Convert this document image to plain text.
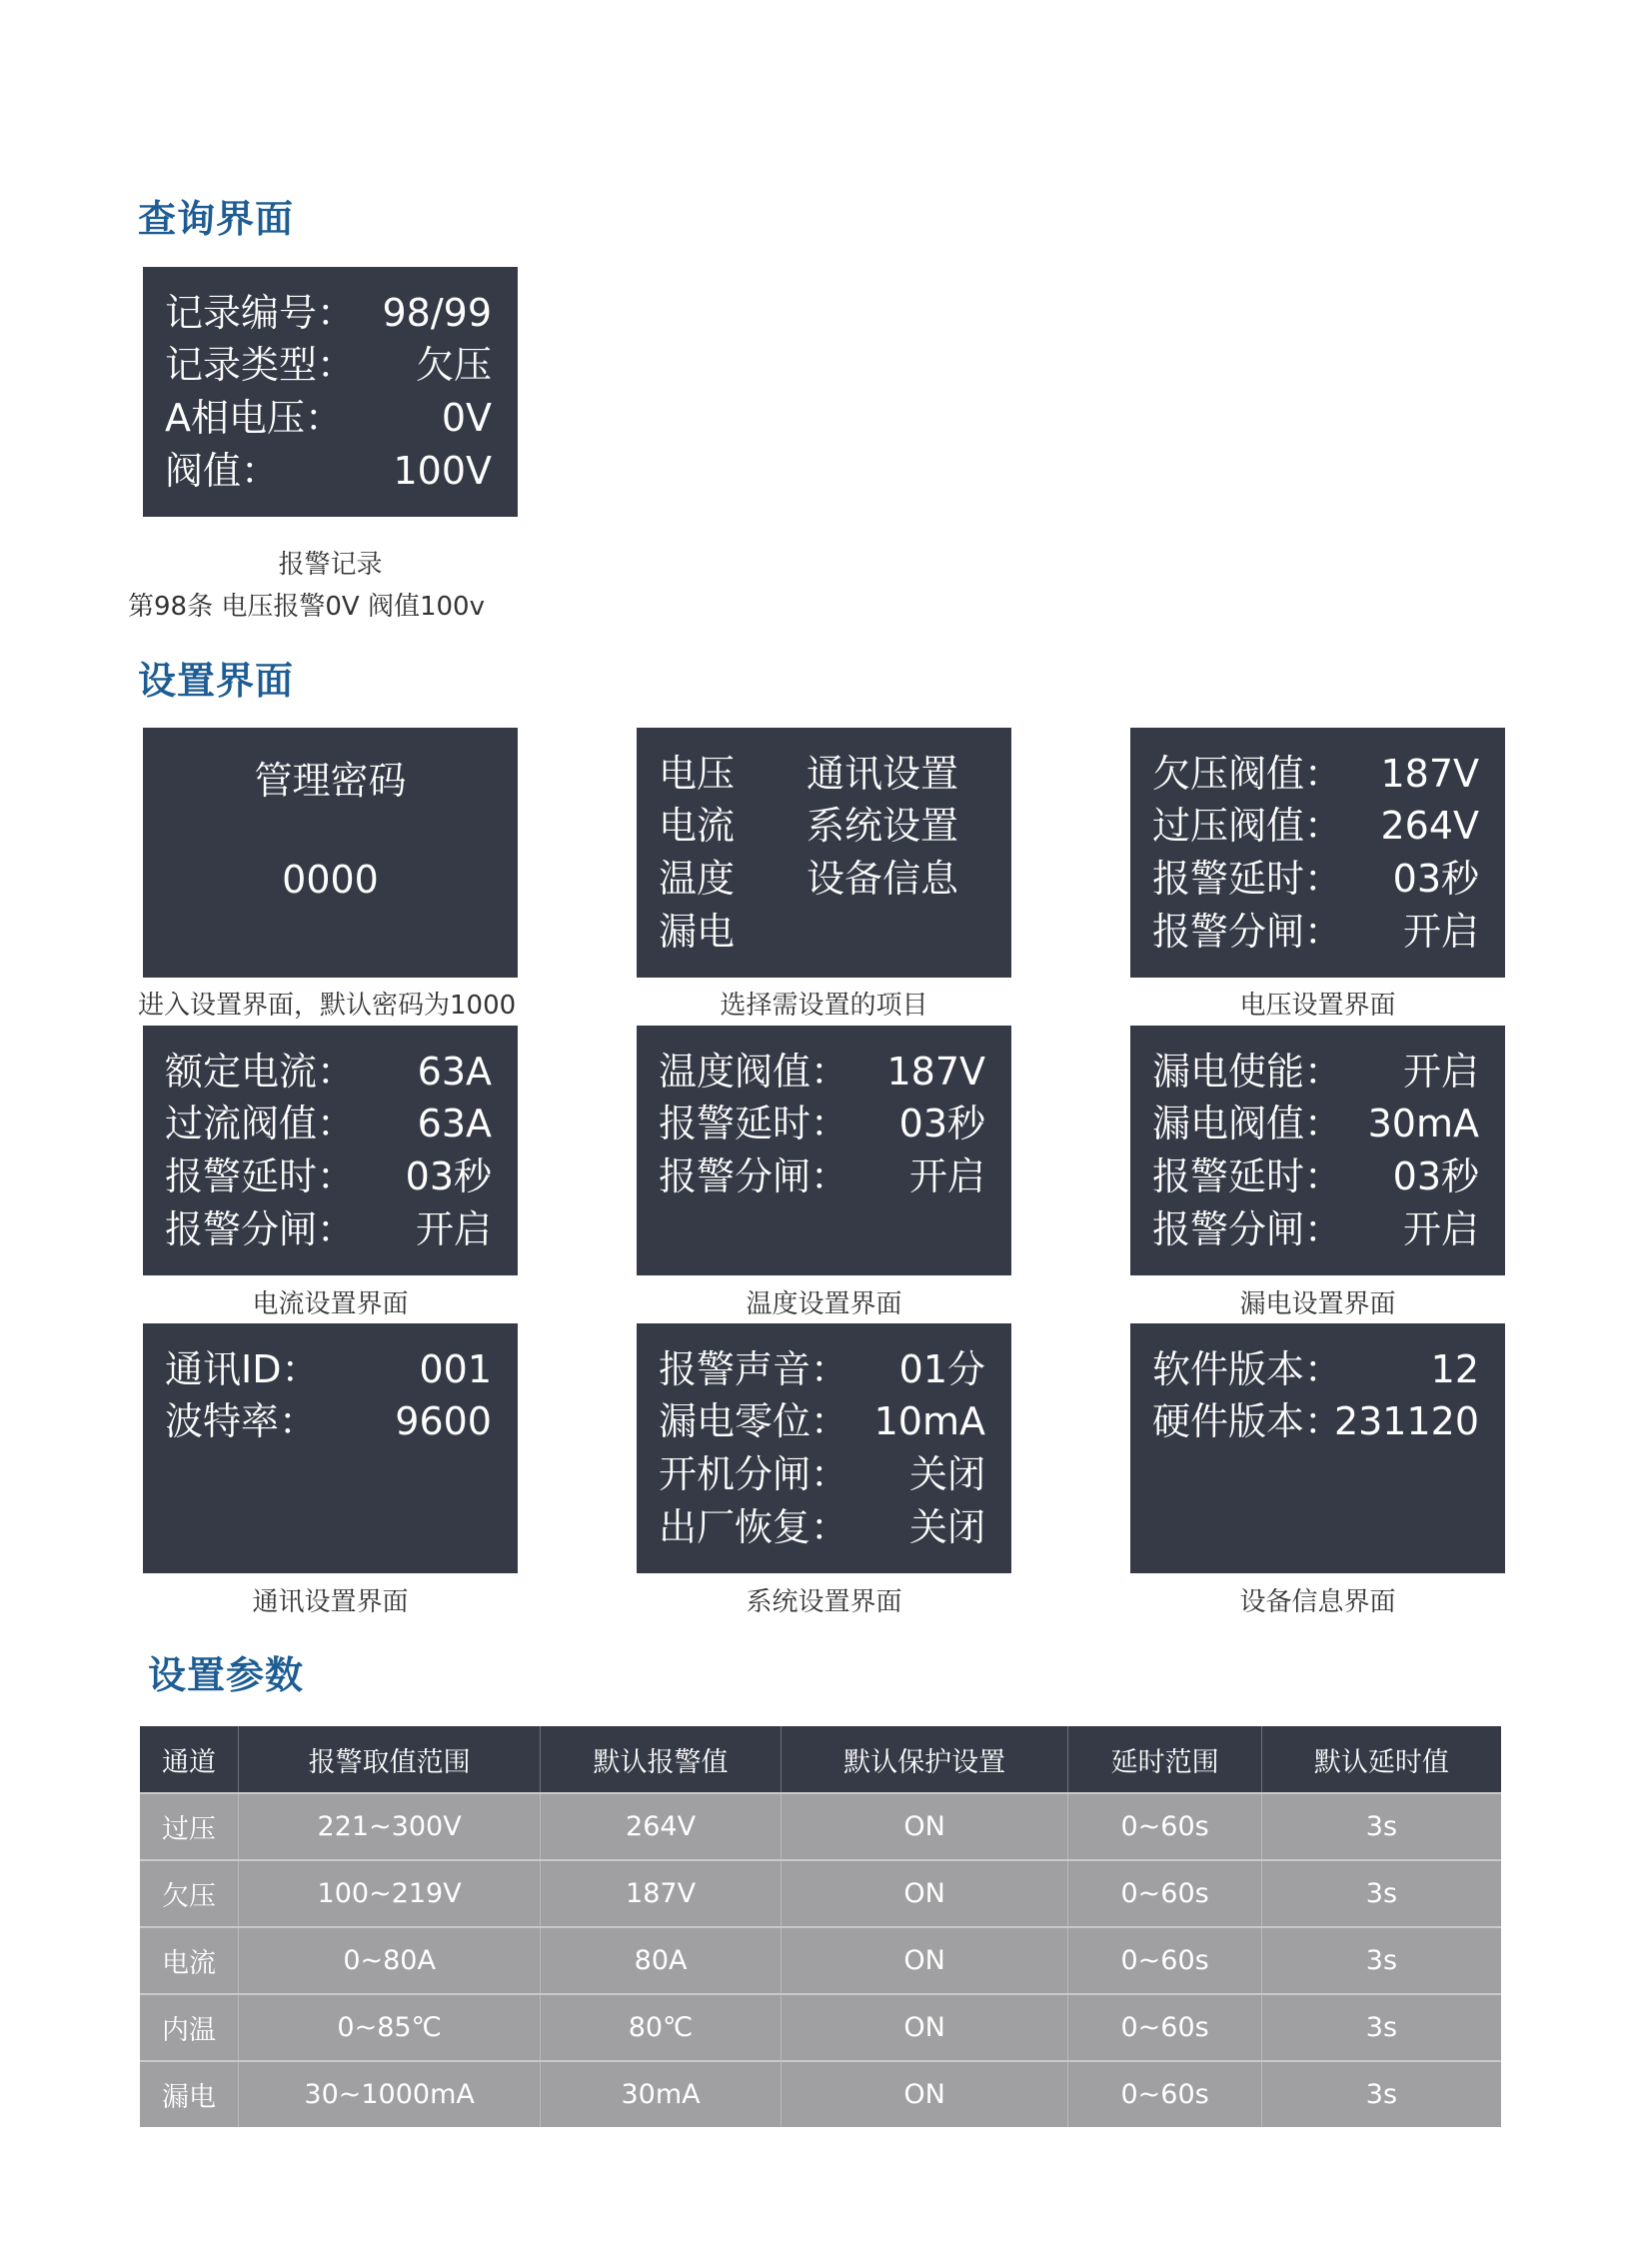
查询界面
记录编号： 98/99
记录类型： 欠压
A相电压：	0V
阀值：	100V
报警记录
第98条 电压报警0V 阀值100v
设置界面
管理密码
0000
进入设置界面，默认密码为1000
电压 通讯设置
电流 系统设置
温度 设备信息
漏电
选择需设置的项目
欠压阀值： 187V
过压阀值： 264V
报警延时： 03秒
报警分闸： 开启
电压设置界面
额定电流： 63A
过流阀值： 63A
报警延时： 03秒
报警分闸： 开启
电流设置界面
温度阀值： 187V
报警延时： 03秒
报警分闸： 开启
温度设置界面
漏电使能： 开启
漏电阀值： 30mA
报警延时： 03秒
报警分闸： 开启
漏电设置界面
通讯ID：	001
波特率： 9600
通讯设置界面
报警声音： 01分
漏电零位： 10mA
开机分闸： 关闭
出厂恢复： 关闭
系统设置界面
软件版本： 12
硬件版本：
231120
设备信息界面
设置参数
通道	报警取值范围	默认报警值	默认保护设置	延时范围	默认延时值
过压	221~300V	264V	ON	0~60s	3s
欠压	100~219V	187V	ON	0~60s	3s
电流	0~80A	80A	ON	0~60s	3s
内温	0~85℃	80℃	ON	0~60s	3s
漏电	30~1000mA	30mA	ON	0~60s	3s
